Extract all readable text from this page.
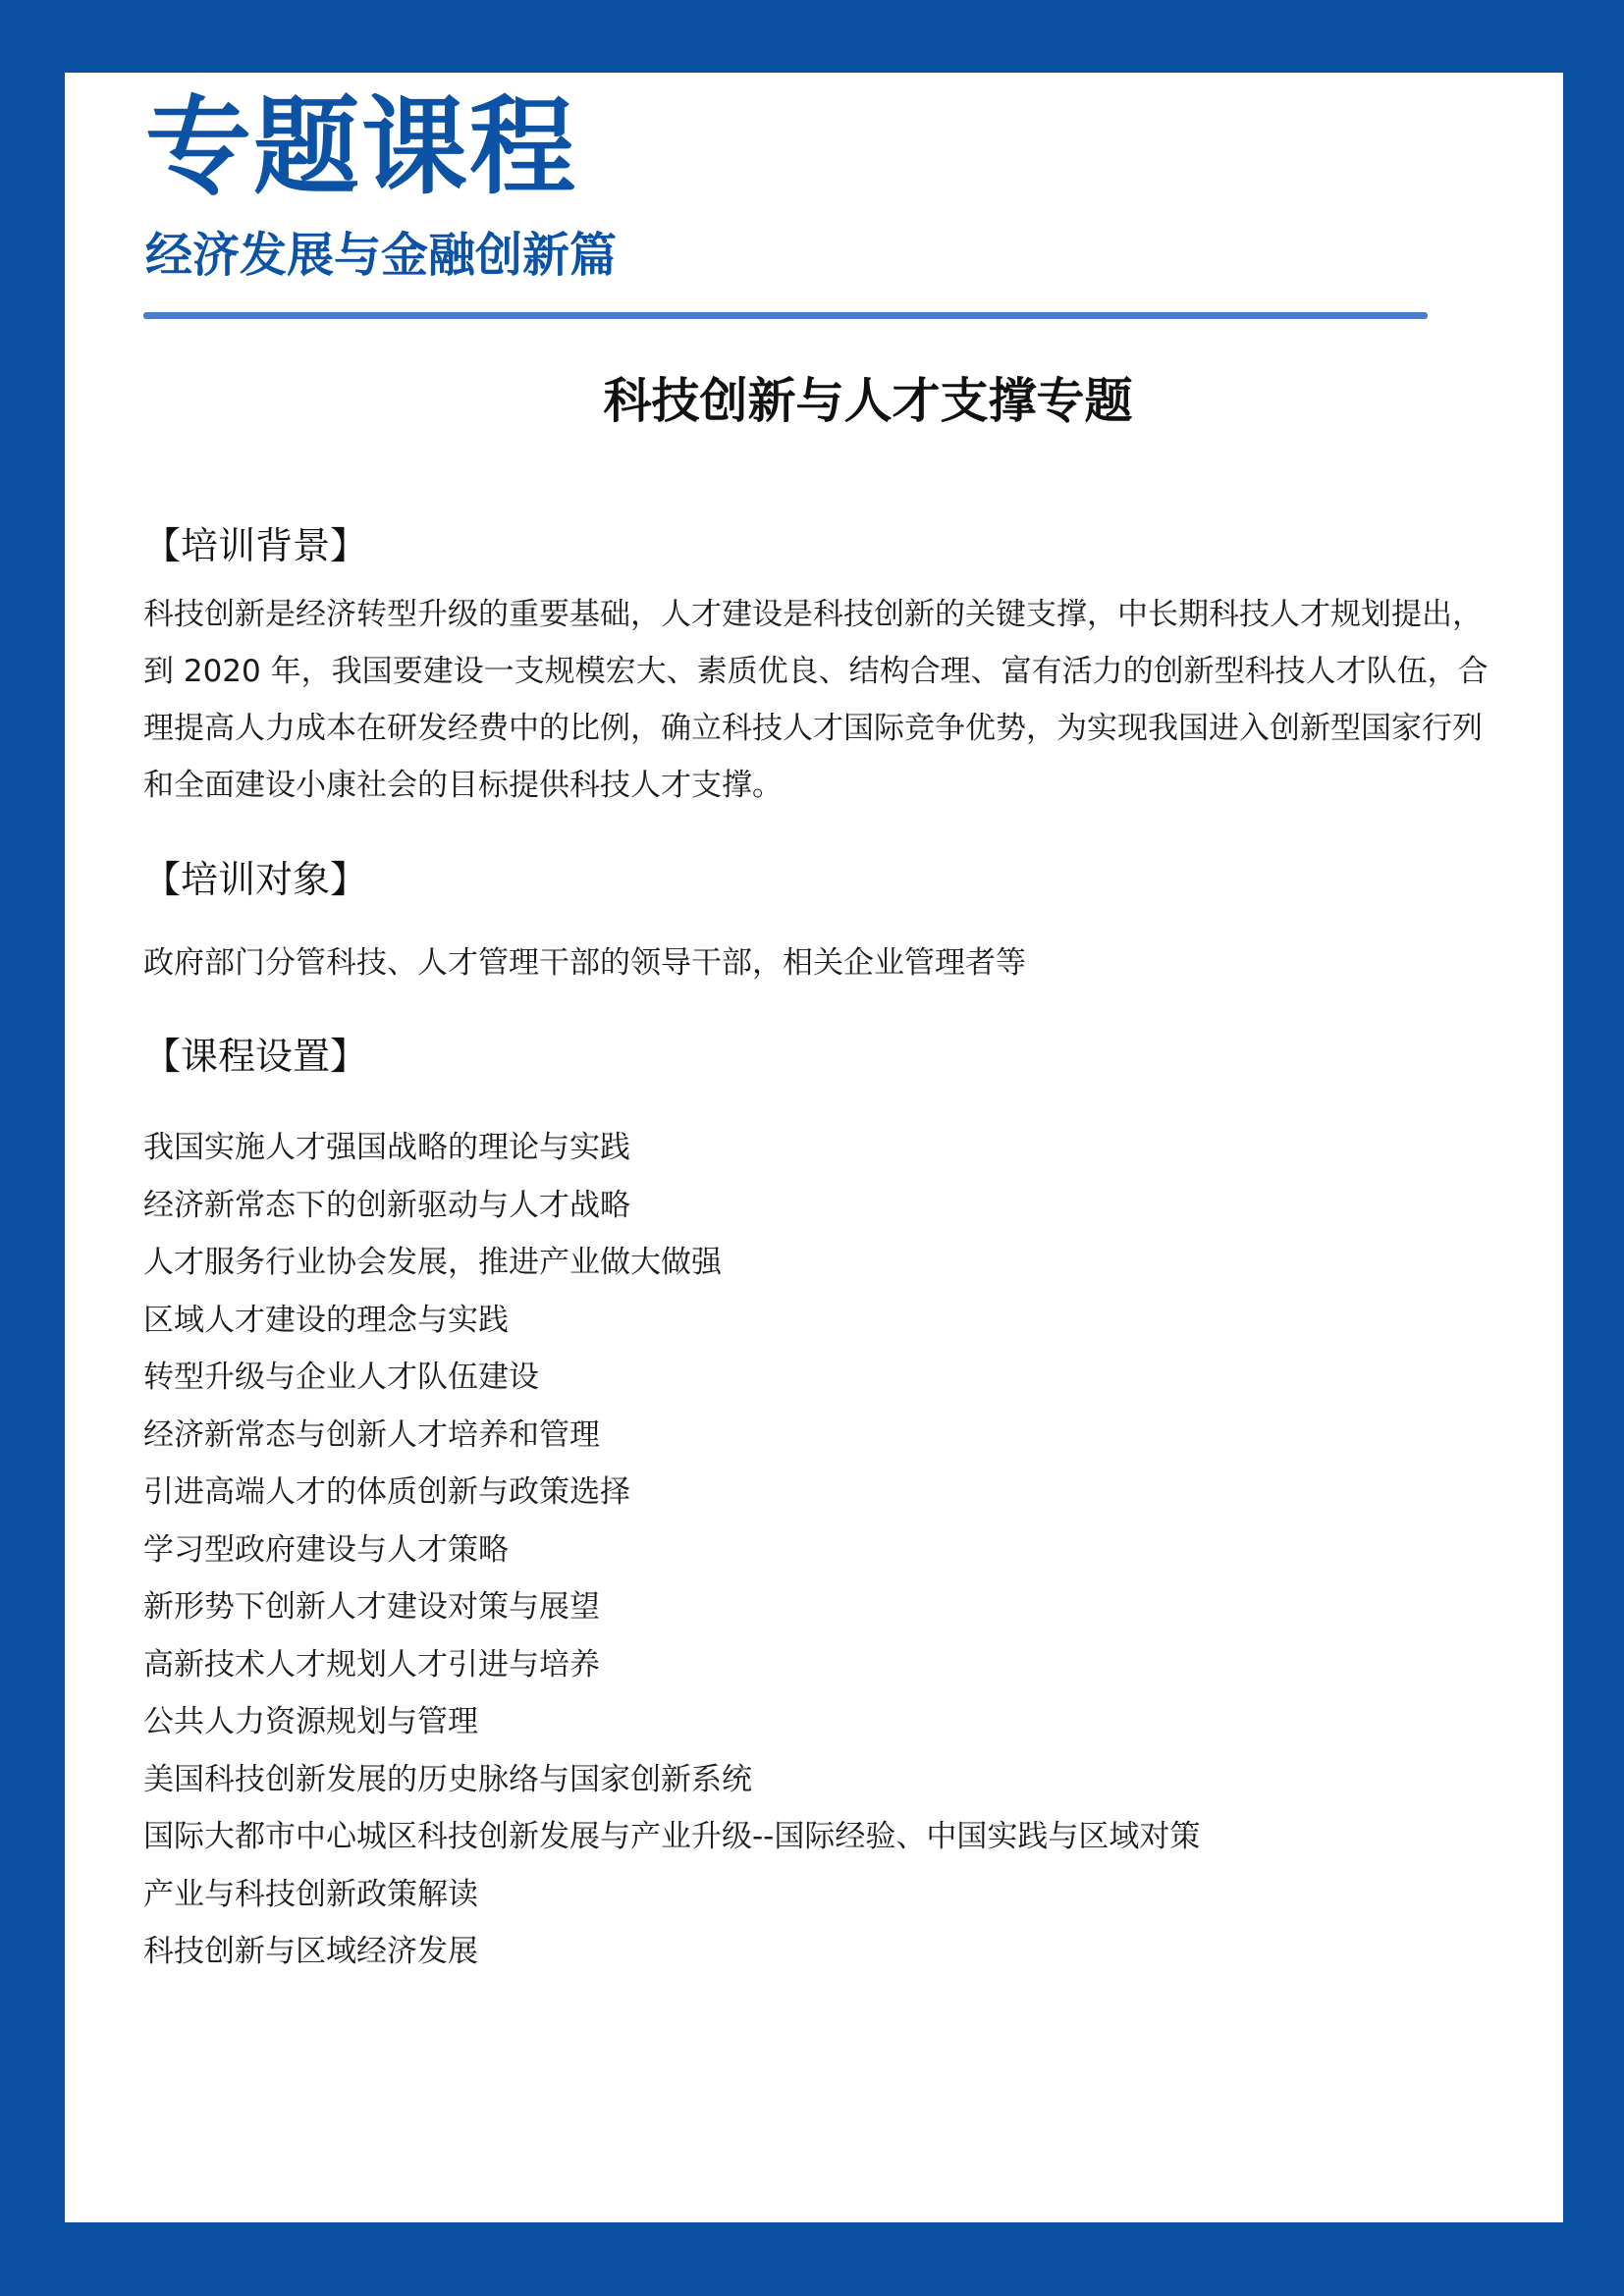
专题课程
经济发展与金融创新篇
科技创新与人才支撑专题
【培训背景】
科技创新是经济转型升级的重要基础，人才建设是科技创新的关键支撑，中长期科技人才规划提出，到 2020 年，我国要建设一支规模宏大、素质优良、结构合理、富有活力的创新型科技人才队伍，合理提高人力成本在研发经费中的比例，确立科技人才国际竞争优势，为实现我国进入创新型国家行列和全面建设小康社会的目标提供科技人才支撑。
【培训对象】
政府部门分管科技、人才管理干部的领导干部，相关企业管理者等
【课程设置】
我国实施人才强国战略的理论与实践
经济新常态下的创新驱动与人才战略
人才服务行业协会发展，推进产业做大做强
区域人才建设的理念与实践
转型升级与企业人才队伍建设
经济新常态与创新人才培养和管理
引进高端人才的体质创新与政策选择
学习型政府建设与人才策略
新形势下创新人才建设对策与展望
高新技术人才规划人才引进与培养
公共人力资源规划与管理
美国科技创新发展的历史脉络与国家创新系统
国际大都市中心城区科技创新发展与产业升级--国际经验、中国实践与区域对策
产业与科技创新政策解读
科技创新与区域经济发展
